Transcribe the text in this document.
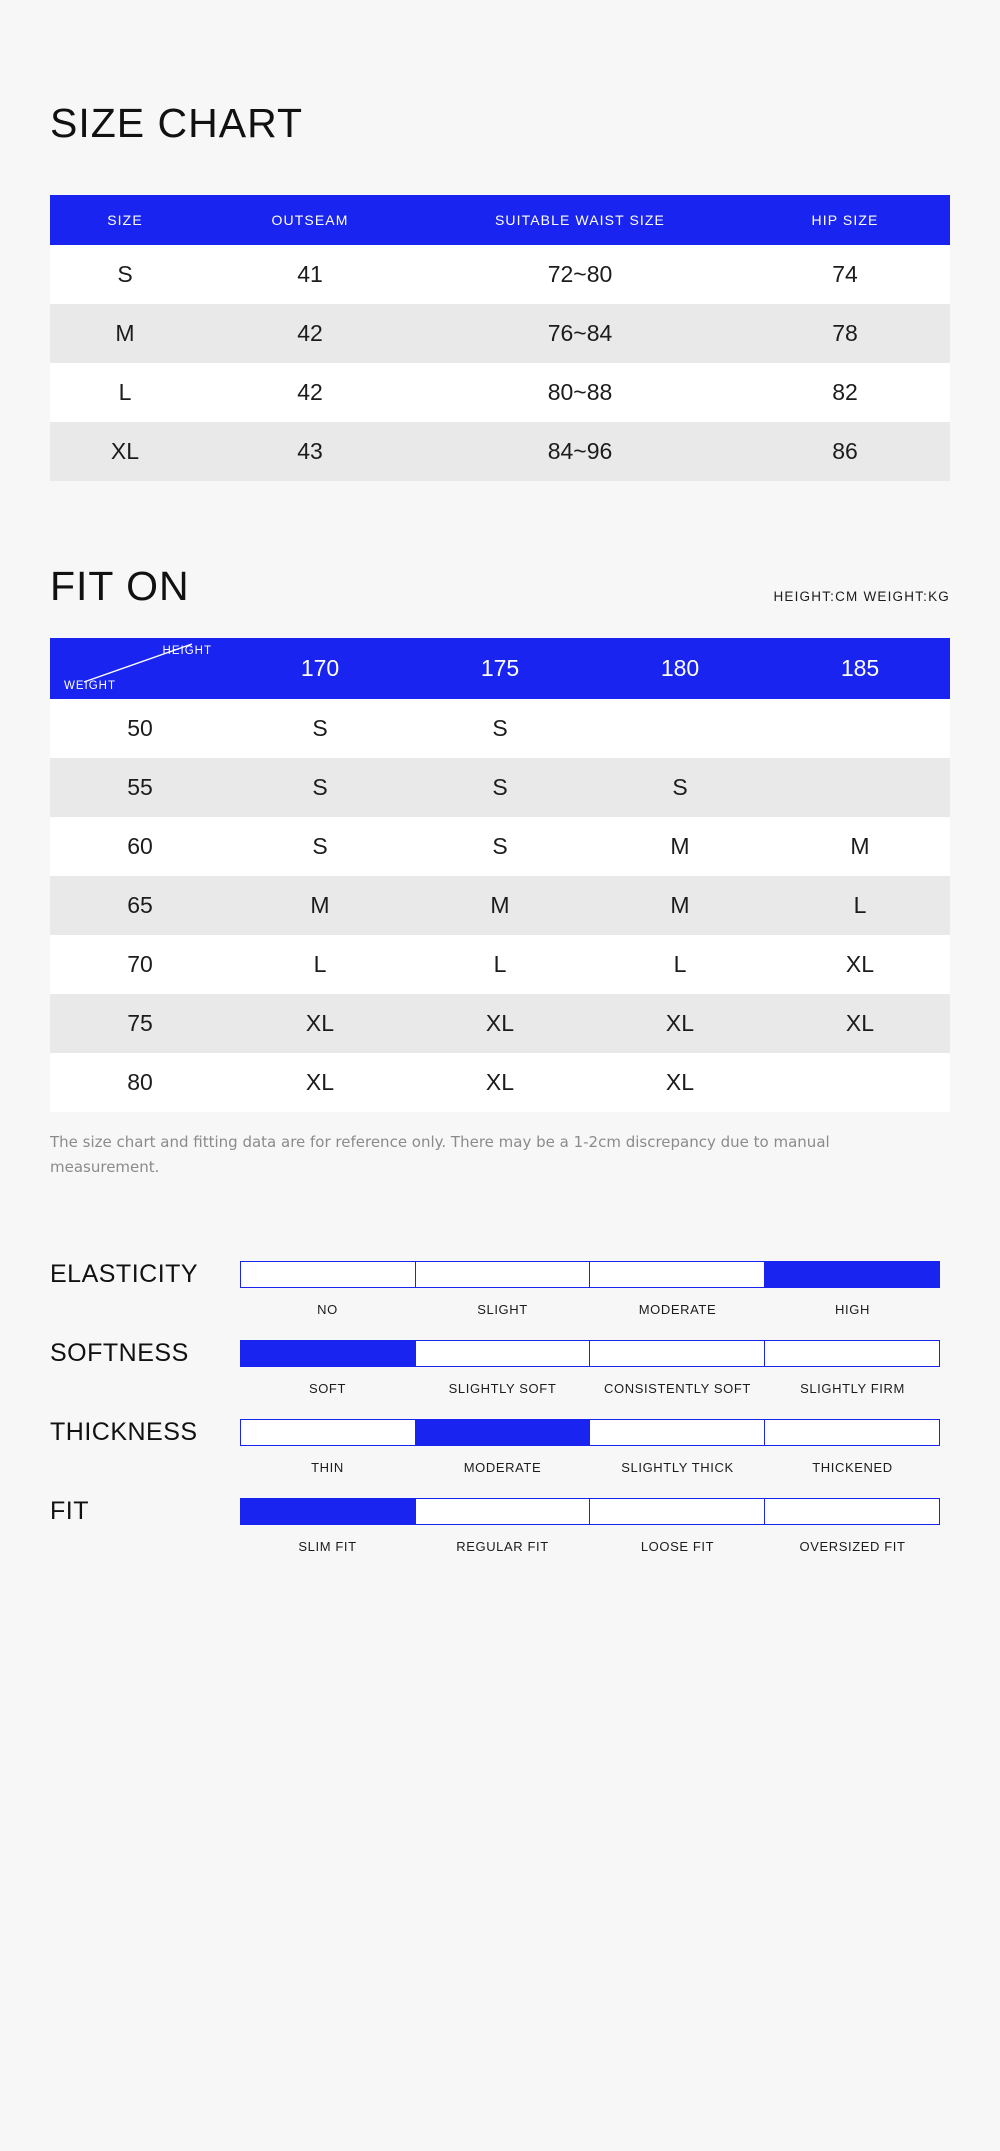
SIZE CHART
SIZE	OUTSEAM	SUITABLE WAIST SIZE	HIP SIZE
S	41	72~80	74
M	42	76~84	78
L	42	80~88	82
XL	43	84~96	86
FIT ON	HEIGHT:CM WEIGHT:KG
HEIGHT
WEIGHT	170	175	180	185
50	S	S		
55	S	S	S	
60	S	S	M	M
65	M	M	M	L
70	L	L	L	XL
75	XL	XL	XL	XL
80	XL	XL	XL	

The size chart and fitting data are for reference only. There may be a 1-2cm discrepancy due to manual measurement.

ELASTICITY
NO	SLIGHT	MODERATE	HIGH
SOFTNESS
SOFT	SLIGHTLY SOFT	CONSISTENTLY SOFT	SLIGHTLY FIRM
THICKNESS
THIN	MODERATE	SLIGHTLY THICK	THICKENED
FIT
SLIM FIT	REGULAR FIT	LOOSE FIT	OVERSIZED FIT
